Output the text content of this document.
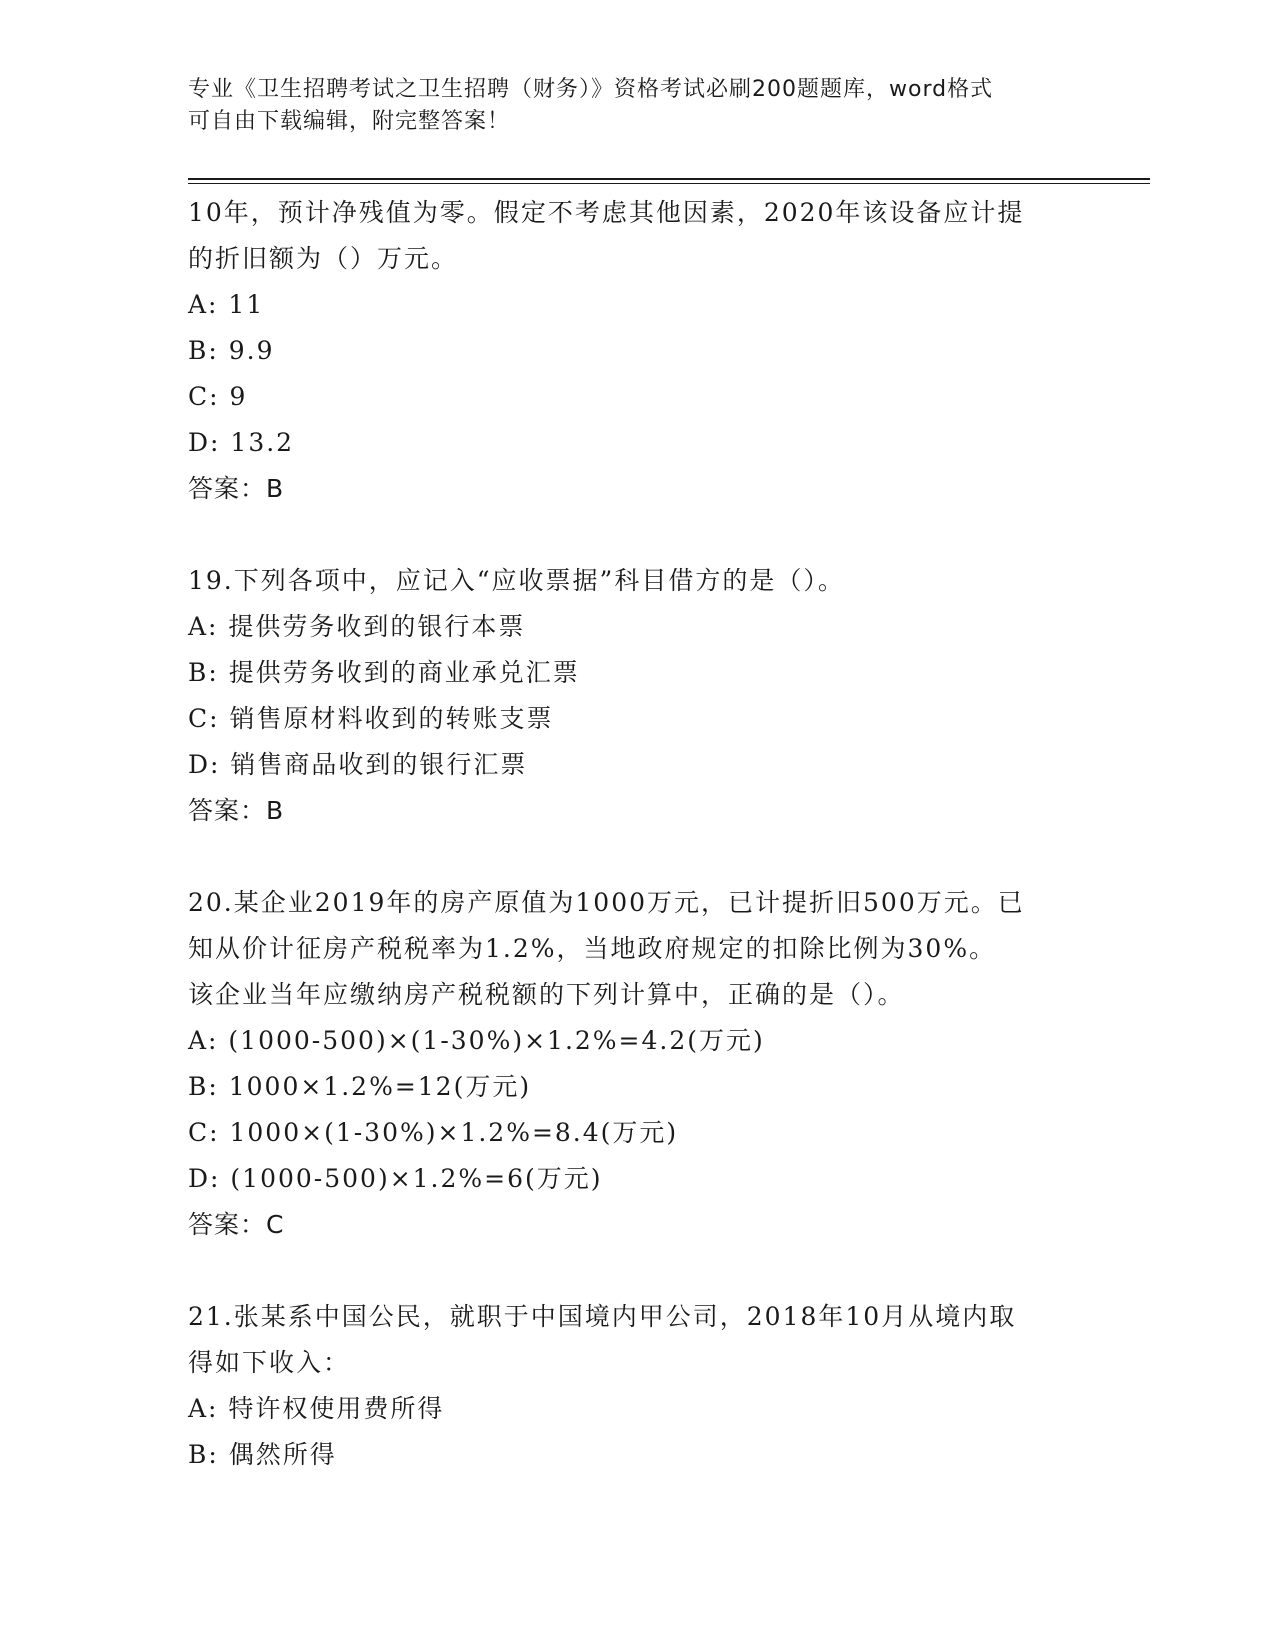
专业《卫生招聘考试之卫生招聘（财务）》资格考试必刷200题题库，word格式

可自由下载编辑，附完整答案！

10年，预计净残值为零。假定不考虑其他因素，2020年该设备应计提

的折旧额为（）万元。

A: 11

B: 9.9

C: 9

D: 13.2

答案：B

19.下列各项中，应记入“应收票据”科目借方的是（）。

A: 提供劳务收到的银行本票

B: 提供劳务收到的商业承兑汇票

C: 销售原材料收到的转账支票

D: 销售商品收到的银行汇票

答案：B

20.某企业2019年的房产原值为1000万元，已计提折旧500万元。已

知从价计征房产税税率为1.2%，当地政府规定的扣除比例为30%。

该企业当年应缴纳房产税税额的下列计算中，正确的是（）。

A: (1000-500)×(1-30%)×1.2%=4.2(万元)

B: 1000×1.2%=12(万元)

C: 1000×(1-30%)×1.2%=8.4(万元)

D: (1000-500)×1.2%=6(万元)

答案：C

21.张某系中国公民，就职于中国境内甲公司，2018年10月从境内取

得如下收入：

A: 特许权使用费所得

B: 偶然所得
